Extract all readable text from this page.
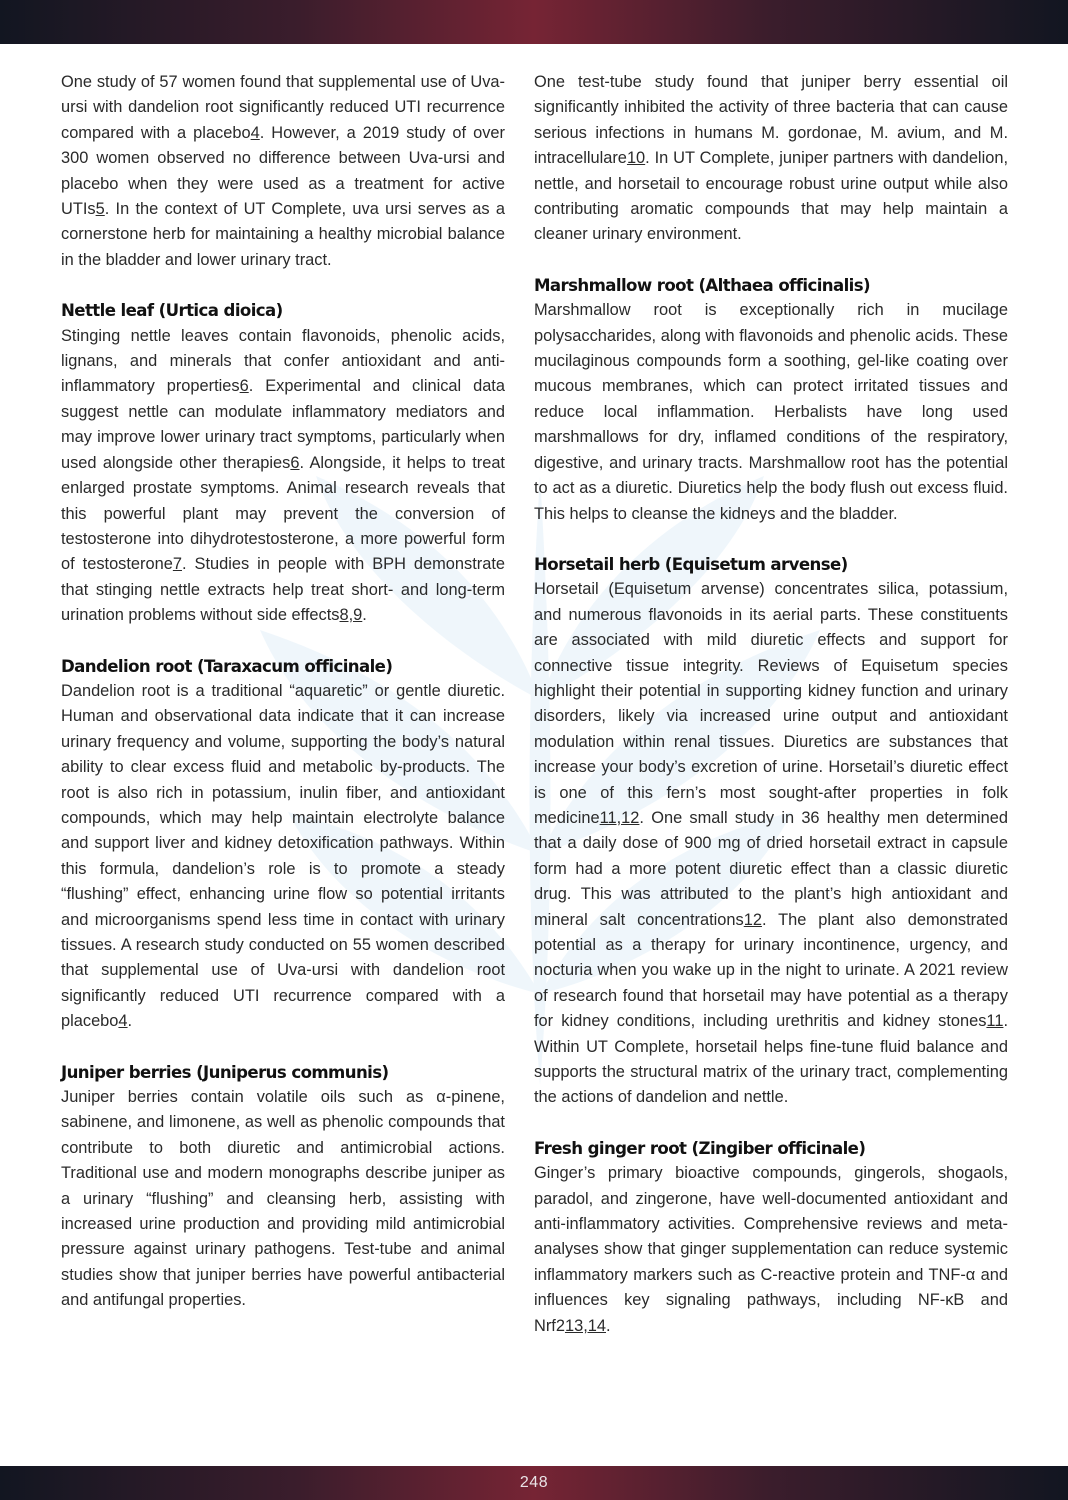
One study of 57 women found that supplemental use of Uva-ursi with dandelion root significantly reduced UTI recurrence compared with a placebo4. However, a 2019 study of over 300 women observed no difference between Uva-ursi and placebo when they were used as a treatment for active UTIs5. In the context of UT Complete, uva ursi serves as a cornerstone herb for maintaining a healthy microbial balance in the bladder and lower urinary tract.

Nettle leaf (Urtica dioica)

Stinging nettle leaves contain flavonoids, phenolic acids, lignans, and minerals that confer antioxidant and anti-inflammatory properties6. Experimental and clinical data suggest nettle can modulate inflammatory mediators and may improve lower urinary tract symptoms, particularly when used alongside other therapies6. Alongside, it helps to treat enlarged prostate symptoms. Animal research reveals that this powerful plant may prevent the conversion of testosterone into dihydrotestosterone, a more powerful form of testosterone7. Studies in people with BPH demonstrate that stinging nettle extracts help treat short- and long-term urination problems without side effects8,9.

Dandelion root (Taraxacum officinale)

Dandelion root is a traditional “aquaretic” or gentle diuretic. Human and observational data indicate that it can increase urinary frequency and volume, supporting the body’s natural ability to clear excess fluid and metabolic by-products. The root is also rich in potassium, inulin fiber, and antioxidant compounds, which may help maintain electrolyte balance and support liver and kidney detoxification pathways. Within this formula, dandelion’s role is to promote a steady “flushing” effect, enhancing urine flow so potential irritants and microorganisms spend less time in contact with urinary tissues. A research study conducted on 55 women described that supplemental use of Uva-ursi with dandelion root significantly reduced UTI recurrence compared with a placebo4.

Juniper berries (Juniperus communis)

Juniper berries contain volatile oils such as α-pinene, sabinene, and limonene, as well as phenolic compounds that contribute to both diuretic and antimicrobial actions. Traditional use and modern monographs describe juniper as a urinary “flushing” and cleansing herb, assisting with increased urine production and providing mild antimicrobial pressure against urinary pathogens. Test-tube and animal studies show that juniper berries have powerful antibacterial and antifungal properties.

One test-tube study found that juniper berry essential oil significantly inhibited the activity of three bacteria that can cause serious infections in humans M. gordonae, M. avium, and M. intracellulare10. In UT Complete, juniper partners with dandelion, nettle, and horsetail to encourage robust urine output while also contributing aromatic compounds that may help maintain a cleaner urinary environment.

Marshmallow root (Althaea officinalis)

Marshmallow root is exceptionally rich in mucilage polysaccharides, along with flavonoids and phenolic acids. These mucilaginous compounds form a soothing, gel-like coating over mucous membranes, which can protect irritated tissues and reduce local inflammation. Herbalists have long used marshmallows for dry, inflamed conditions of the respiratory, digestive, and urinary tracts. Marshmallow root has the potential to act as a diuretic. Diuretics help the body flush out excess fluid. This helps to cleanse the kidneys and the bladder.

Horsetail herb (Equisetum arvense)

Horsetail (Equisetum arvense) concentrates silica, potassium, and numerous flavonoids in its aerial parts. These constituents are associated with mild diuretic effects and support for connective tissue integrity. Reviews of Equisetum species highlight their potential in supporting kidney function and urinary disorders, likely via increased urine output and antioxidant modulation within renal tissues. Diuretics are substances that increase your body’s excretion of urine. Horsetail’s diuretic effect is one of this fern’s most sought-after properties in folk medicine11,12. One small study in 36 healthy men determined that a daily dose of 900 mg of dried horsetail extract in capsule form had a more potent diuretic effect than a classic diuretic drug. This was attributed to the plant’s high antioxidant and mineral salt concentrations12. The plant also demonstrated potential as a therapy for urinary incontinence, urgency, and nocturia when you wake up in the night to urinate. A 2021 review of research found that horsetail may have potential as a therapy for kidney conditions, including urethritis and kidney stones11. Within UT Complete, horsetail helps fine-tune fluid balance and supports the structural matrix of the urinary tract, complementing the actions of dandelion and nettle.

Fresh ginger root (Zingiber officinale)

Ginger’s primary bioactive compounds, gingerols, shogaols, paradol, and zingerone, have well-documented antioxidant and anti-inflammatory activities. Comprehensive reviews and meta-analyses show that ginger supplementation can reduce systemic inflammatory markers such as C-reactive protein and TNF-α and influences key signaling pathways, including NF-κB and Nrf213,14.

248
